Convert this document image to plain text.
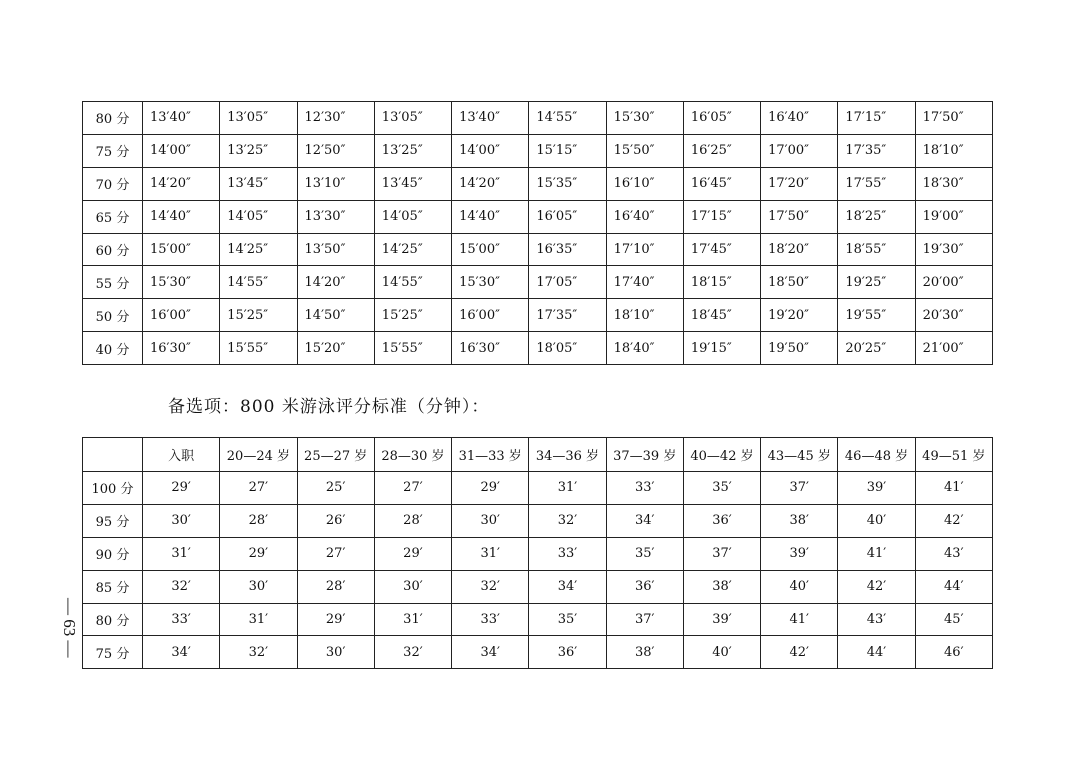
80 分	13′40″	13′05″	12′30″	13′05″	13′40″	14′55″	15′30″	16′05″	16′40″	17′15″	17′50″
75 分	14′00″	13′25″	12′50″	13′25″	14′00″	15′15″	15′50″	16′25″	17′00″	17′35″	18′10″
70 分	14′20″	13′45″	13′10″	13′45″	14′20″	15′35″	16′10″	16′45″	17′20″	17′55″	18′30″
65 分	14′40″	14′05″	13′30″	14′05″	14′40″	16′05″	16′40″	17′15″	17′50″	18′25″	19′00″
60 分	15′00″	14′25″	13′50″	14′25″	15′00″	16′35″	17′10″	17′45″	18′20″	18′55″	19′30″
55 分	15′30″	14′55″	14′20″	14′55″	15′30″	17′05″	17′40″	18′15″	18′50″	19′25″	20′00″
50 分	16′00″	15′25″	14′50″	15′25″	16′00″	17′35″	18′10″	18′45″	19′20″	19′55″	20′30″
40 分	16′30″	15′55″	15′20″	15′55″	16′30″	18′05″	18′40″	19′15″	19′50″	20′25″	21′00″
备选项：800 米游泳评分标准（分钟）：
	入职	20—24 岁	25—27 岁	28—30 岁	31—33 岁	34—36 岁	37—39 岁	40—42 岁	43—45 岁	46—48 岁	49—51 岁
100 分	29′	27′	25′	27′	29′	31′	33′	35′	37′	39′	41′
95 分	30′	28′	26′	28′	30′	32′	34′	36′	38′	40′	42′
90 分	31′	29′	27′	29′	31′	33′	35′	37′	39′	41′	43′
85 分	32′	30′	28′	30′	32′	34′	36′	38′	40′	42′	44′
80 分	33′	31′	29′	31′	33′	35′	37′	39′	41′	43′	45′
75 分	34′	32′	30′	32′	34′	36′	38′	40′	42′	44′	46′
— 63 —
